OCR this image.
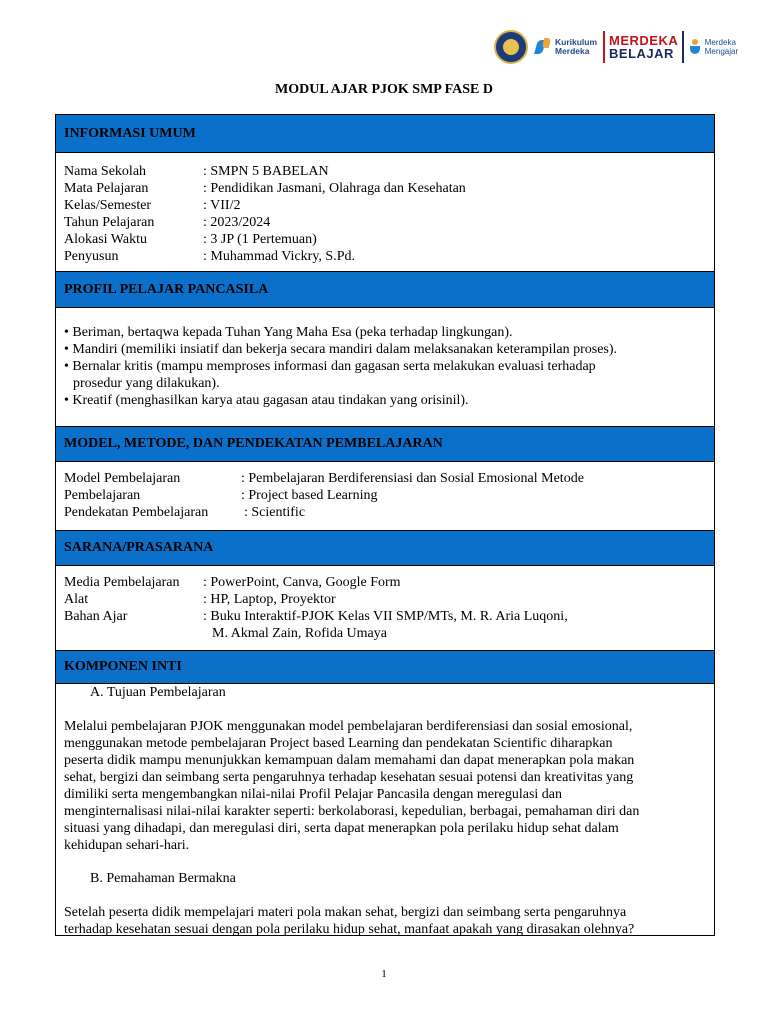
Kurikulum
Merdeka
MERDEKA
BELAJAR
Merdeka
Mengajar
MODUL AJAR PJOK SMP FASE D
INFORMASI UMUM
Nama Sekolah	: SMPN 5 BABELAN
Mata Pelajaran	: Pendidikan Jasmani, Olahraga dan Kesehatan
Kelas/Semester	: VII/2
Tahun Pelajaran	: 2023/2024
Alokasi Waktu	: 3 JP (1 Pertemuan)
Penyusun	: Muhammad Vickry, S.Pd.
PROFIL PELAJAR PANCASILA

• Beriman, bertaqwa kepada Tuhan Yang Maha Esa (peka terhadap lingkungan).

• Mandiri (memiliki insiatif dan bekerja secara mandiri dalam melaksanakan keterampilan proses).

• Bernalar kritis (mampu memproses informasi dan gagasan serta melakukan evaluasi terhadap

prosedur yang dilakukan).

• Kreatif (menghasilkan karya atau gagasan atau tindakan yang orisinil).

MODEL, METODE, DAN PENDEKATAN PEMBELAJARAN
Model Pembelajaran	: Pembelajaran Berdiferensiasi dan Sosial Emosional Metode
Pembelajaran	: Project based Learning
Pendekatan Pembelajaran	: Scientific
SARANA/PRASARANA
Media Pembelajaran	: PowerPoint, Canva, Google Form
Alat	: HP, Laptop, Proyektor
Bahan Ajar	: Buku Interaktif-PJOK Kelas VII SMP/MTs, M. R. Aria Luqoni,
M. Akmal Zain, Rofida Umaya
KOMPONEN INTI
A. Tujuan Pembelajaran

Melalui pembelajaran PJOK menggunakan model pembelajaran berdiferensiasi dan sosial emosional,

menggunakan metode pembelajaran Project based Learning dan pendekatan Scientific diharapkan

peserta didik mampu menunjukkan kemampuan dalam memahami dan dapat menerapkan pola makan

sehat, bergizi dan seimbang serta pengaruhnya terhadap kesehatan sesuai potensi dan kreativitas yang

dimiliki serta mengembangkan nilai-nilai Profil Pelajar Pancasila dengan meregulasi dan

menginternalisasi nilai-nilai karakter seperti: berkolaborasi, kepedulian, berbagai, pemahaman diri dan

situasi yang dihadapi, dan meregulasi diri, serta dapat menerapkan pola perilaku hidup sehat dalam

kehidupan sehari-hari.

B. Pemahaman Bermakna

Setelah peserta didik mempelajari materi pola makan sehat, bergizi dan seimbang serta pengaruhnya

terhadap kesehatan sesuai dengan pola perilaku hidup sehat, manfaat apakah yang dirasakan olehnya?

1
